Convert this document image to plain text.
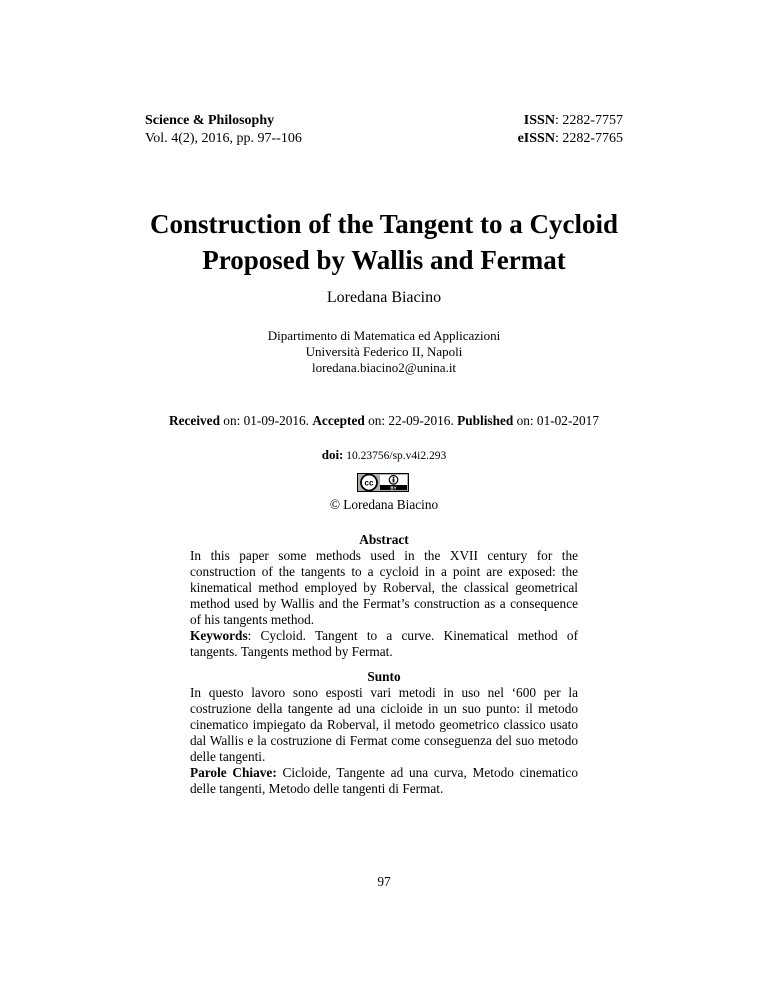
Science & Philosophy
Vol. 4(2), 2016, pp. 97--106
ISSN: 2282-7757
eISSN: 2282-7765
Construction of the Tangent to a Cycloid
Proposed by Wallis and Fermat
Loredana Biacino
Dipartimento di Matematica ed Applicazioni
Università Federico II, Napoli
loredana.biacino2@unina.it
Received on: 01-09-2016. Accepted on: 22-09-2016. Published on: 01-02-2017
doi: 10.23756/sp.v4i2.293
cc
BY
© Loredana Biacino
Abstract
In this paper some methods used in the XVII century for the construction of the tangents to a cycloid in a point are exposed: the kinematical method employed by Roberval, the classical geometrical method used by Wallis and the Fermat’s construction as a consequence of his tangents method.
Keywords: Cycloid. Tangent to a curve. Kinematical method of tangents. Tangents method by Fermat.
Sunto
In questo lavoro sono esposti vari metodi in uso nel ‘600 per la costruzione della tangente ad una cicloide in un suo punto: il metodo cinematico impiegato da Roberval, il metodo geometrico classico usato dal Wallis e la costruzione di Fermat come conseguenza del suo metodo delle tangenti.
Parole Chiave: Cicloide, Tangente ad una curva, Metodo cinematico delle tangenti, Metodo delle tangenti di Fermat.
97
